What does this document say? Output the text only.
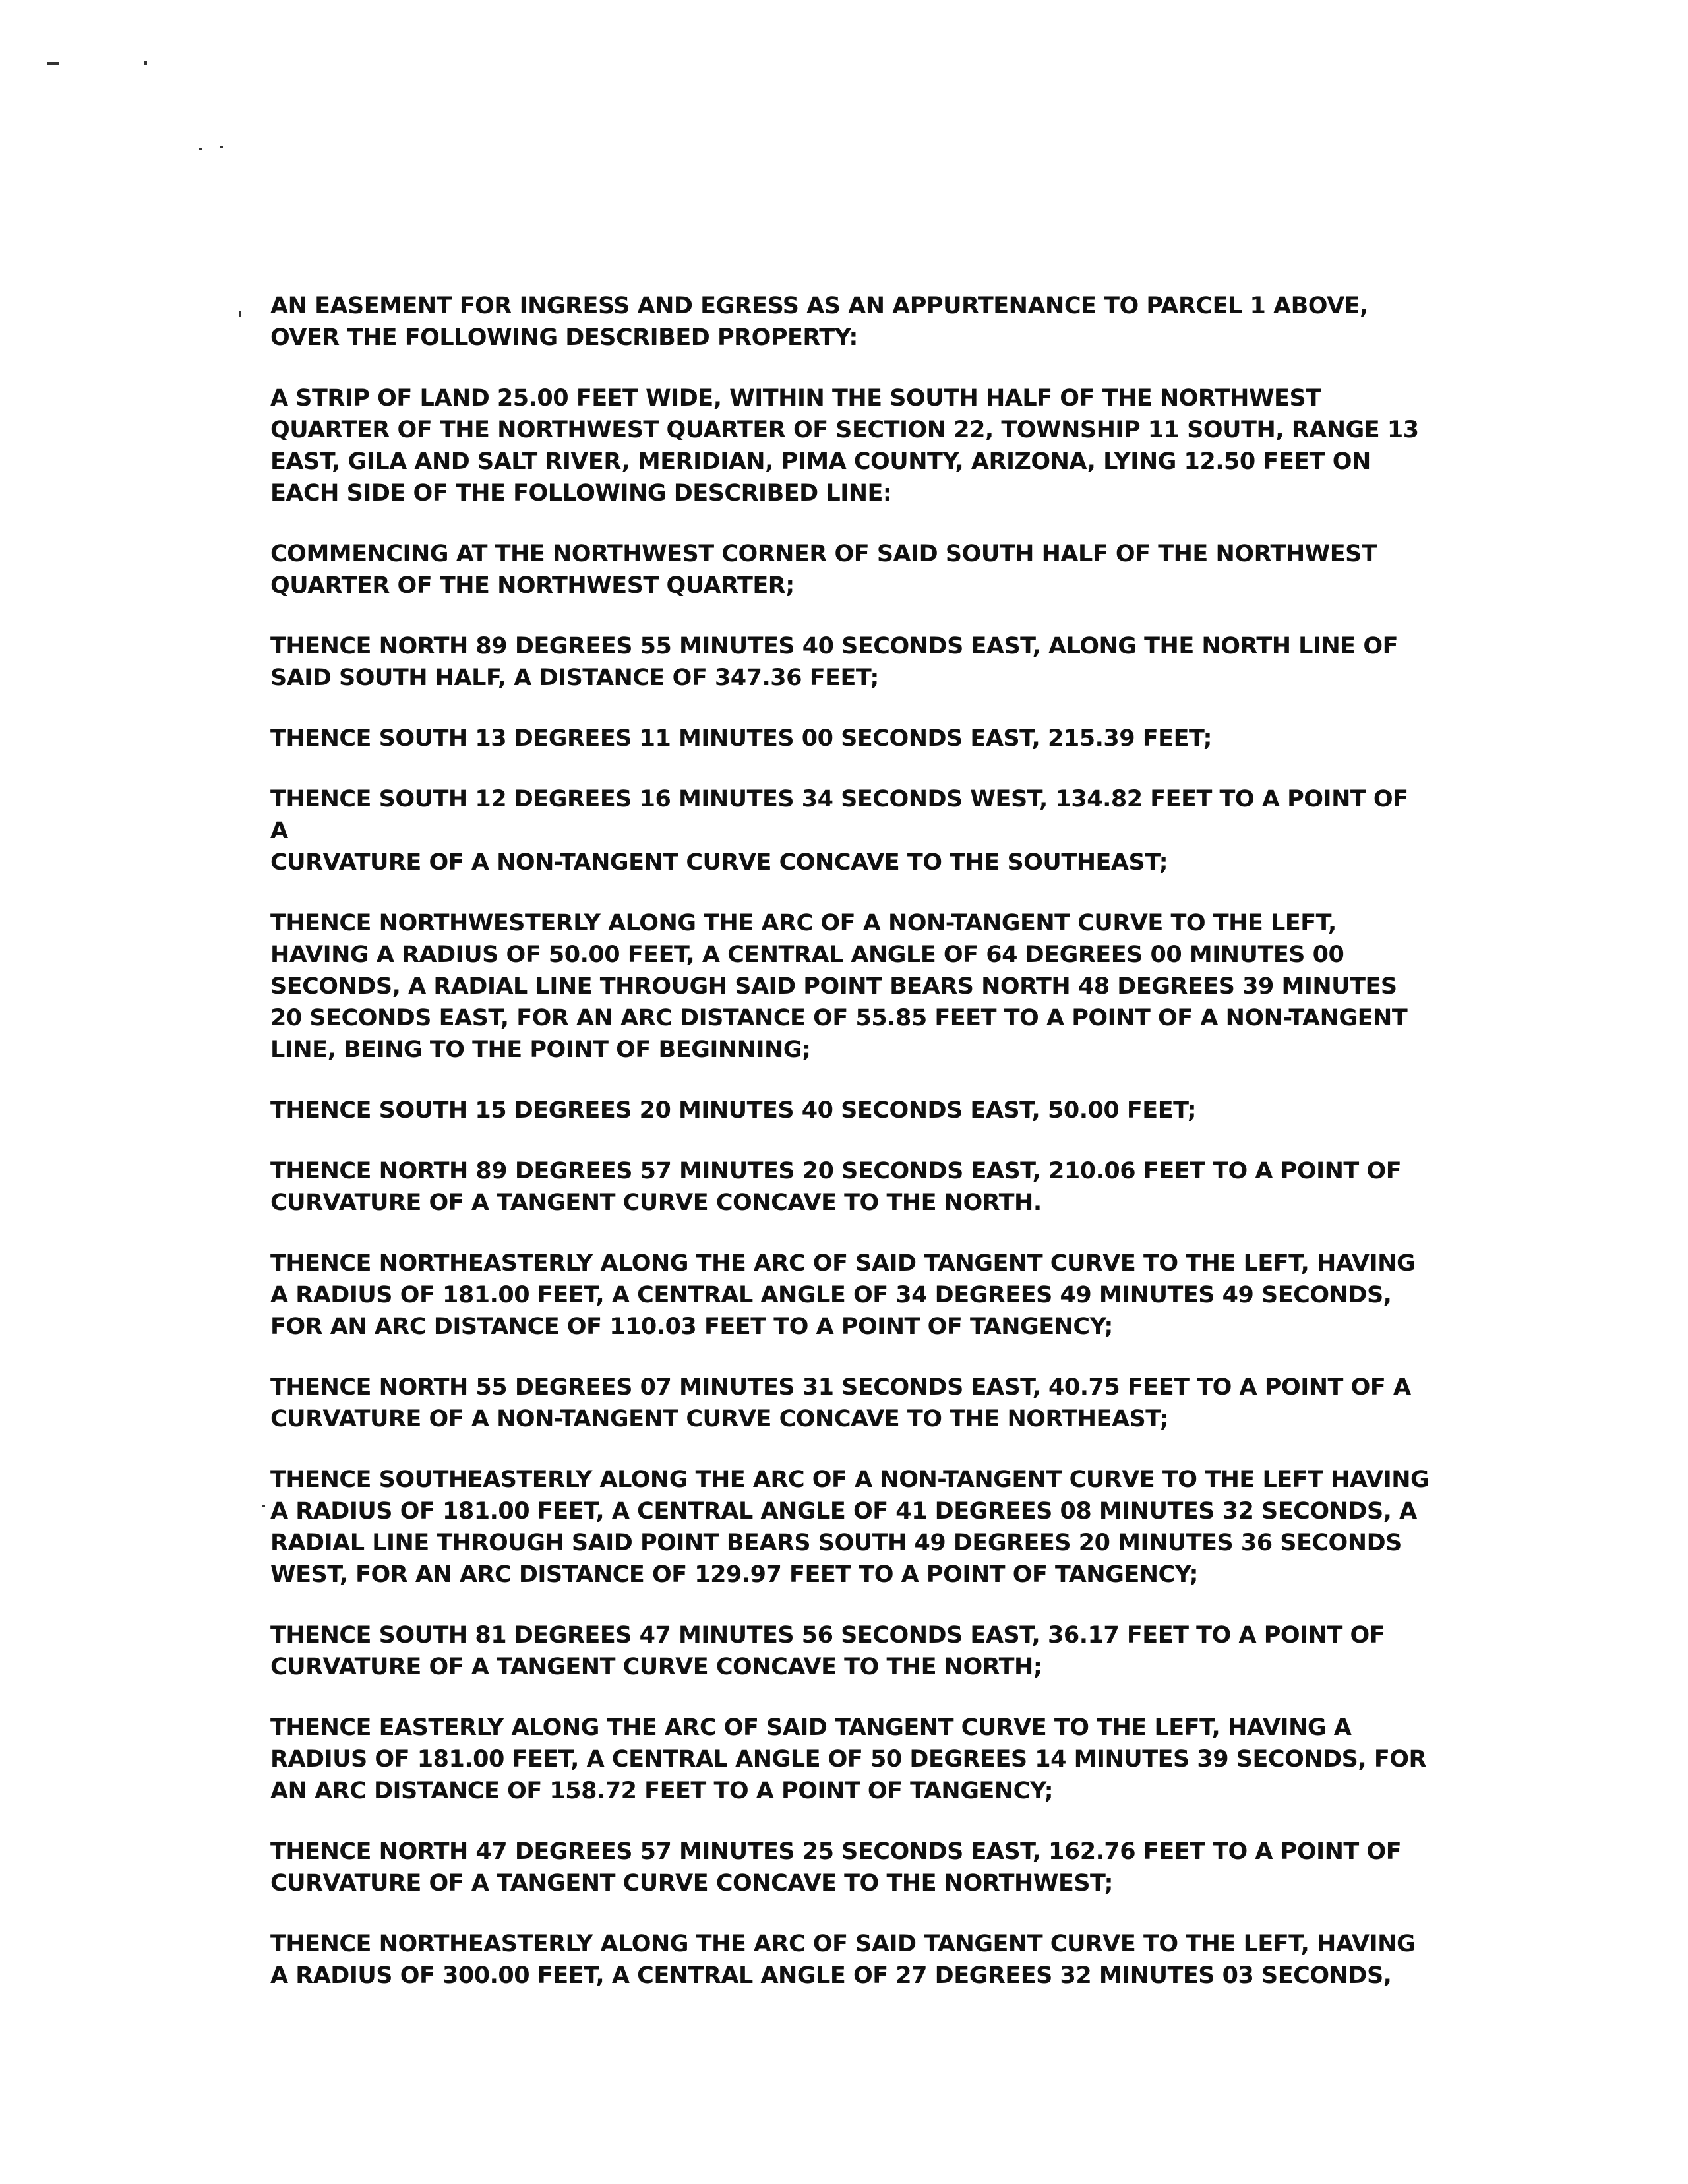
AN EASEMENT FOR INGRESS AND EGRESS AS AN APPURTENANCE TO PARCEL 1 ABOVE,
OVER THE FOLLOWING DESCRIBED PROPERTY:

A STRIP OF LAND 25.00 FEET WIDE, WITHIN THE SOUTH HALF OF THE NORTHWEST
QUARTER OF THE NORTHWEST QUARTER OF SECTION 22, TOWNSHIP 11 SOUTH, RANGE 13
EAST, GILA AND SALT RIVER, MERIDIAN, PIMA COUNTY, ARIZONA, LYING 12.50 FEET ON
EACH SIDE OF THE FOLLOWING DESCRIBED LINE:

COMMENCING AT THE NORTHWEST CORNER OF SAID SOUTH HALF OF THE NORTHWEST
QUARTER OF THE NORTHWEST QUARTER;

THENCE NORTH 89 DEGREES 55 MINUTES 40 SECONDS EAST, ALONG THE NORTH LINE OF
SAID SOUTH HALF, A DISTANCE OF 347.36 FEET;

THENCE SOUTH 13 DEGREES 11 MINUTES 00 SECONDS EAST, 215.39 FEET;

THENCE SOUTH 12 DEGREES 16 MINUTES 34 SECONDS WEST, 134.82 FEET TO A POINT OF A
CURVATURE OF A NON-TANGENT CURVE CONCAVE TO THE SOUTHEAST;

THENCE NORTHWESTERLY ALONG THE ARC OF A NON-TANGENT CURVE TO THE LEFT,
HAVING A RADIUS OF 50.00 FEET, A CENTRAL ANGLE OF 64 DEGREES 00 MINUTES 00
SECONDS, A RADIAL LINE THROUGH SAID POINT BEARS NORTH 48 DEGREES 39 MINUTES
20 SECONDS EAST, FOR AN ARC DISTANCE OF 55.85 FEET TO A POINT OF A NON-TANGENT
LINE, BEING TO THE POINT OF BEGINNING;

THENCE SOUTH 15 DEGREES 20 MINUTES 40 SECONDS EAST, 50.00 FEET;

THENCE NORTH 89 DEGREES 57 MINUTES 20 SECONDS EAST, 210.06 FEET TO A POINT OF
CURVATURE OF A TANGENT CURVE CONCAVE TO THE NORTH.

THENCE NORTHEASTERLY ALONG THE ARC OF SAID TANGENT CURVE TO THE LEFT, HAVING
A RADIUS OF 181.00 FEET, A CENTRAL ANGLE OF 34 DEGREES 49 MINUTES 49 SECONDS,
FOR AN ARC DISTANCE OF 110.03 FEET TO A POINT OF TANGENCY;

THENCE NORTH 55 DEGREES 07 MINUTES 31 SECONDS EAST, 40.75 FEET TO A POINT OF A
CURVATURE OF A NON-TANGENT CURVE CONCAVE TO THE NORTHEAST;

THENCE SOUTHEASTERLY ALONG THE ARC OF A NON-TANGENT CURVE TO THE LEFT HAVING
A RADIUS OF 181.00 FEET, A CENTRAL ANGLE OF 41 DEGREES 08 MINUTES 32 SECONDS, A
RADIAL LINE THROUGH SAID POINT BEARS SOUTH 49 DEGREES 20 MINUTES 36 SECONDS
WEST, FOR AN ARC DISTANCE OF 129.97 FEET TO A POINT OF TANGENCY;

THENCE SOUTH 81 DEGREES 47 MINUTES 56 SECONDS EAST, 36.17 FEET TO A POINT OF
CURVATURE OF A TANGENT CURVE CONCAVE TO THE NORTH;

THENCE EASTERLY ALONG THE ARC OF SAID TANGENT CURVE TO THE LEFT, HAVING A
RADIUS OF 181.00 FEET, A CENTRAL ANGLE OF 50 DEGREES 14 MINUTES 39 SECONDS, FOR
AN ARC DISTANCE OF 158.72 FEET TO A POINT OF TANGENCY;

THENCE NORTH 47 DEGREES 57 MINUTES 25 SECONDS EAST, 162.76 FEET TO A POINT OF
CURVATURE OF A TANGENT CURVE CONCAVE TO THE NORTHWEST;

THENCE NORTHEASTERLY ALONG THE ARC OF SAID TANGENT CURVE TO THE LEFT, HAVING
A RADIUS OF 300.00 FEET, A CENTRAL ANGLE OF 27 DEGREES 32 MINUTES 03 SECONDS,
